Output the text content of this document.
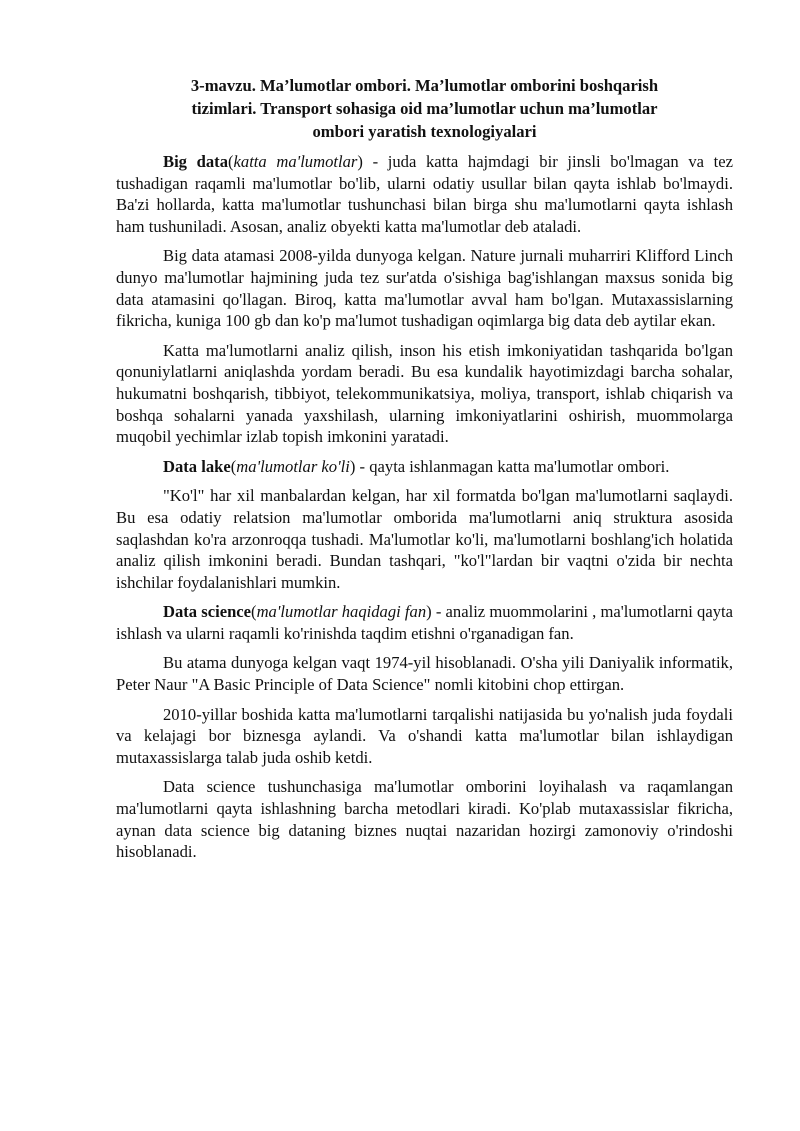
3-mavzu. Ma’lumotlar ombori. Ma’lumotlar omborini boshqarish
tizimlari. Transport sohasiga oid ma’lumotlar uchun ma’lumotlar
ombori yaratish texnologiyalari

Big data(katta ma'lumotlar) - juda katta hajmdagi bir jinsli bo'lmagan va tez tushadigan raqamli ma'lumotlar bo'lib, ularni odatiy usullar bilan qayta ishlab bo'lmaydi. Ba'zi hollarda, katta ma'lumotlar tushunchasi bilan birga shu ma'lumotlarni qayta ishlash ham tushuniladi. Asosan, analiz obyekti katta ma'lumotlar deb ataladi.

Big data atamasi 2008-yilda dunyoga kelgan. Nature jurnali muharriri Klifford Linch dunyo ma'lumotlar hajmining juda tez sur'atda o'sishiga bag'ishlangan maxsus sonida big data atamasini qo'llagan. Biroq, katta ma'lumotlar avval ham bo'lgan. Mutaxassislarning fikricha, kuniga 100 gb dan ko'p ma'lumot tushadigan oqimlarga big data deb aytilar ekan.

Katta ma'lumotlarni analiz qilish, inson his etish imkoniyatidan tashqarida bo'lgan qonuniylatlarni aniqlashda yordam beradi. Bu esa kundalik hayotimizdagi barcha sohalar, hukumatni boshqarish, tibbiyot, telekommunikatsiya, moliya, transport, ishlab chiqarish va boshqa sohalarni yanada yaxshilash, ularning imkoniyatlarini oshirish, muommolarga muqobil yechimlar izlab topish imkonini yaratadi.

Data lake(ma'lumotlar ko'li) - qayta ishlanmagan katta ma'lumotlar ombori.

"Ko'l" har xil manbalardan kelgan, har xil formatda bo'lgan ma'lumotlarni saqlaydi. Bu esa odatiy relatsion ma'lumotlar omborida ma'lumotlarni aniq struktura asosida saqlashdan ko'ra arzonroqqa tushadi. Ma'lumotlar ko'li, ma'lumotlarni boshlang'ich holatida analiz qilish imkonini beradi. Bundan tashqari, "ko'l"lardan bir vaqtni o'zida bir nechta ishchilar foydalanishlari mumkin.

Data science(ma'lumotlar haqidagi fan) - analiz muommolarini , ma'lumotlarni qayta ishlash va ularni raqamli ko'rinishda taqdim etishni o'rganadigan fan.

Bu atama dunyoga kelgan vaqt 1974-yil hisoblanadi. O'sha yili Daniyalik informatik, Peter Naur "A Basic Principle of Data Science" nomli kitobini chop ettirgan.

2010-yillar boshida katta ma'lumotlarni tarqalishi natijasida bu yo'nalish juda foydali va kelajagi bor biznesga aylandi. Va o'shandi katta ma'lumotlar bilan ishlaydigan mutaxassislarga talab juda oshib ketdi.

Data science tushunchasiga ma'lumotlar omborini loyihalash va raqamlangan ma'lumotlarni qayta ishlashning barcha metodlari kiradi. Ko'plab mutaxassislar fikricha, aynan data science big dataning biznes nuqtai nazaridan hozirgi zamonoviy o'rindoshi hisoblanadi.
